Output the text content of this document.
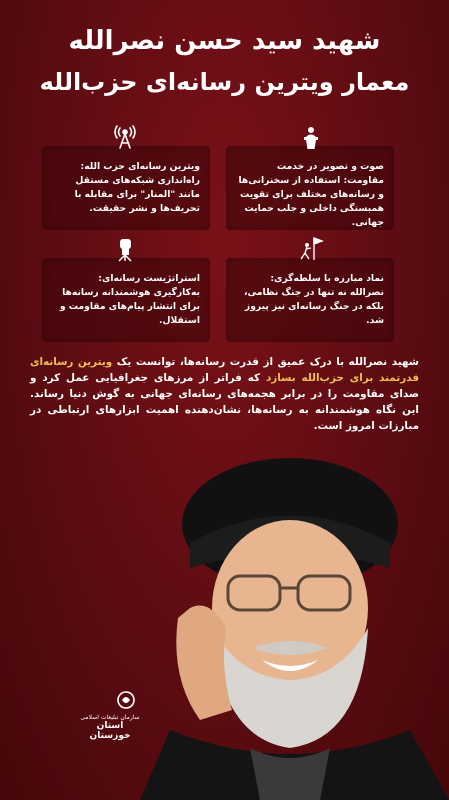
شهید سید حسن نصرالله
معمار ویترین رسانه‌ای حزب‌الله
ویترین رسانه‌ای حزب الله: راه‌اندازی شبکه‌های مستقل مانند "المنار" برای مقابله با تحریف‌ها و نشر حقیقت.
صوت و تصویر در خدمت مقاومت: استفاده از سخنرانی‌ها و رسانه‌های مختلف برای تقویت همبستگی داخلی و جلب حمایت جهانی.
استراتژیست رسانه‌ای: به‌کارگیری هوشمندانه رسانه‌ها برای انتشار پیام‌های مقاومت و استقلال.
نماد مبارزه با سلطه‌گری: نصرالله نه تنها در جنگ نظامی، بلکه در جنگ رسانه‌ای نیز پیروز شد.

شهید نصرالله با درک عمیق از قدرت رسانه‌ها، توانست یک ویترین رسانه‌ای قدرتمند برای حزب‌الله بسازد که فراتر از مرزهای جغرافیایی عمل کرد و صدای مقاومت را در برابر هجمه‌های رسانه‌ای جهانی به گوش دنیا رساند. این نگاه هوشمندانه به رسانه‌ها، نشان‌دهنده اهمیت ابزارهای ارتباطی در مبارزات امروز است.

سازمان تبلیغات اسلامی
استان خوزستان
